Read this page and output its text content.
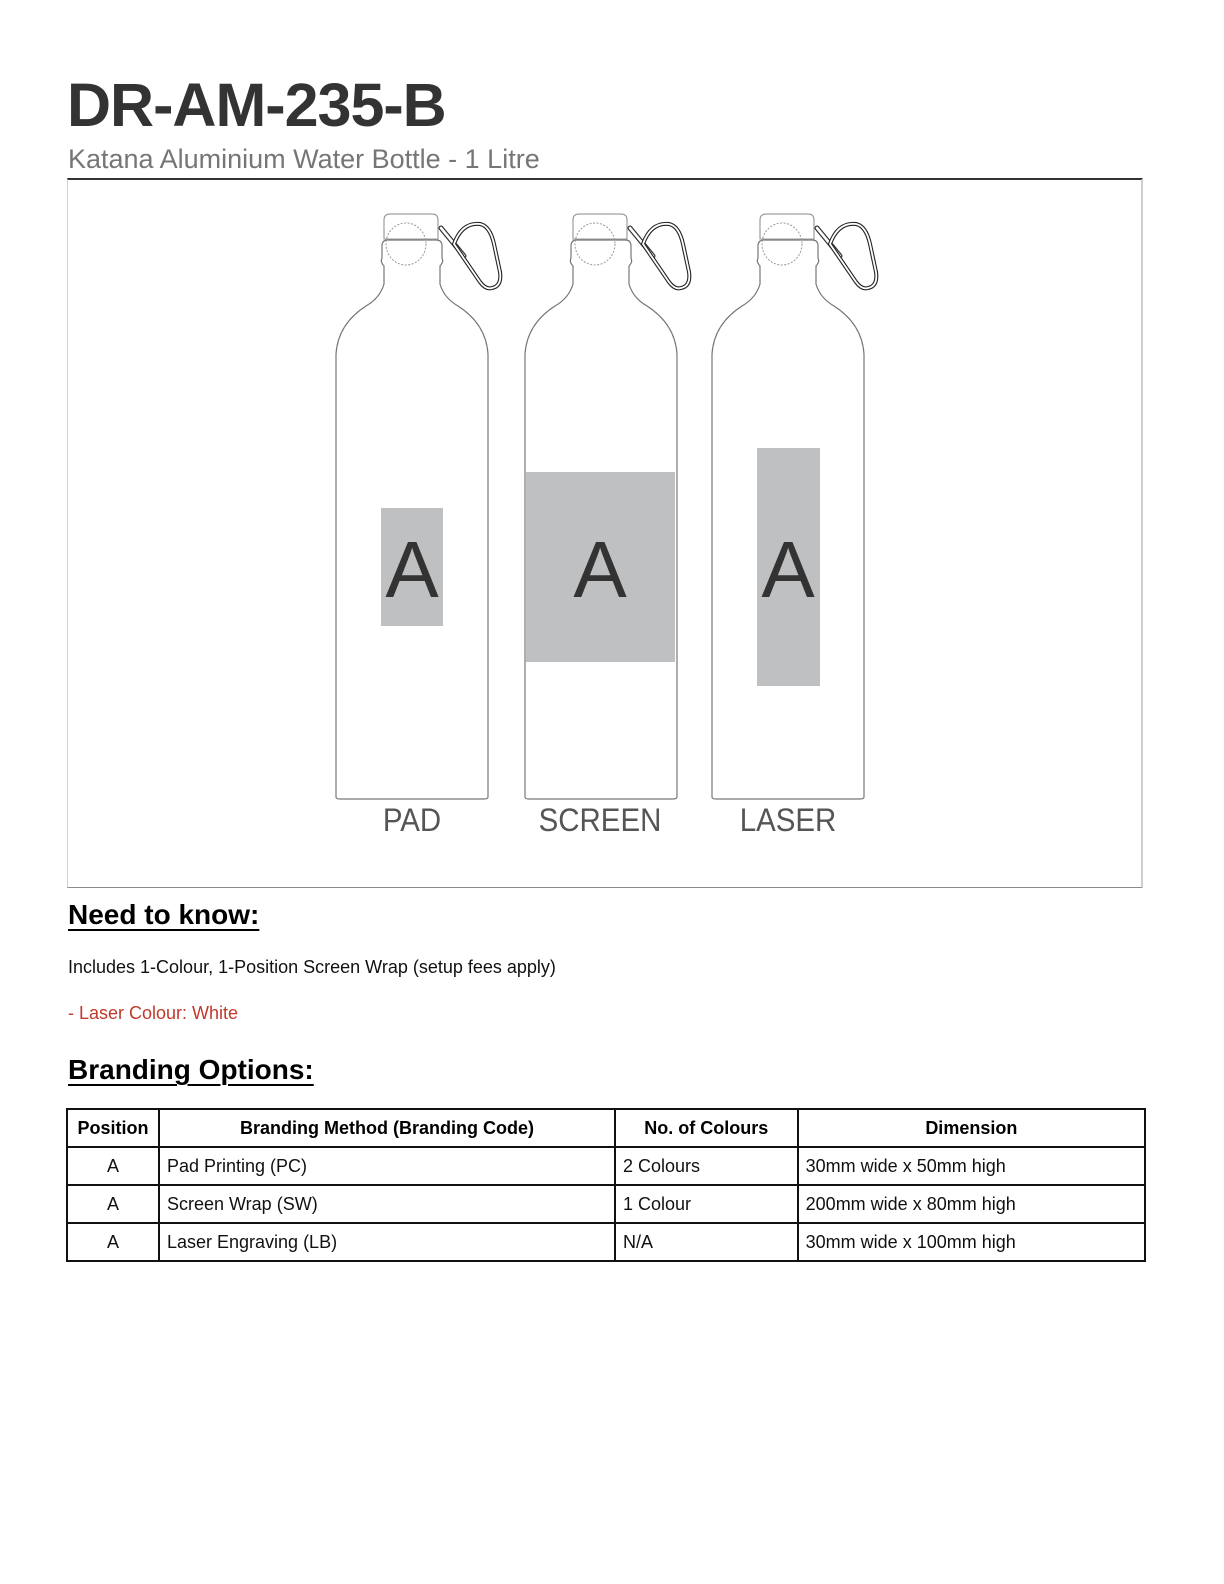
DR-AM-235-B
Katana Aluminium Water Bottle - 1 Litre
A A A
PAD	SCREEN	LASER
Need to know:
Includes 1-Colour, 1-Position Screen Wrap (setup fees apply)
- Laser Colour: White
Branding Options:
Position	Branding Method (Branding Code)	No. of Colours	Dimension
A	Pad Printing (PC)	2 Colours	30mm wide x 50mm high
A	Screen Wrap (SW)	1 Colour	200mm wide x 80mm high
A	Laser Engraving (LB)	N/A	30mm wide x 100mm high
